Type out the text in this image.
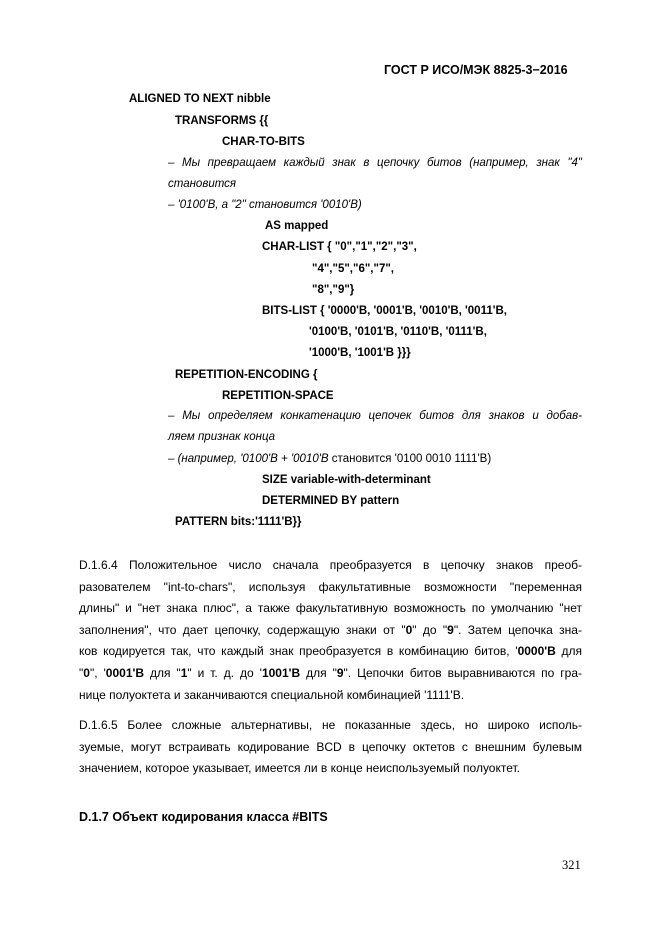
ГОСТ Р ИСО/МЭК 8825-3−2016
ALIGNED TO NEXT nibble
TRANSFORMS {{
CHAR-TO-BITS
– Мы превращаем каждый знак в цепочку битов (например, знак "4"
становится
– '0100'B, а "2" становится '0010'B)
AS mapped
CHAR-LIST { "0","1","2","3",
"4","5","6","7",
"8","9"}
BITS-LIST { '0000'B, '0001'B, '0010'B, '0011'B,
'0100'B, '0101'B, '0110'B, '0111'B,
'1000'B, '1001'B }}}
REPETITION-ENCODING {
REPETITION-SPACE
– Мы определяем конкатенацию цепочек битов для знаков и добав-
ляем признак конца
– (например, '0100'B + '0010'B становится '0100 0010 1111'B)
SIZE variable-with-determinant
DETERMINED BY pattern
PATTERN bits:'1111'B}}
D.1.6.4 Положительное число сначала преобразуется в цепочку знаков преоб-
разователем "int-to-chars", используя факультативные возможности "переменная
длины" и "нет знака плюс", а также факультативную возможность по умолчанию "нет
заполнения", что дает цепочку, содержащую знаки от "0" до "9". Затем цепочка зна-
ков кодируется так, что каждый знак преобразуется в комбинацию битов, '0000'B для
"0", '0001'B для "1" и т. д. до '1001'B для "9". Цепочки битов выравниваются по гра-
нице полуоктета и заканчиваются специальной комбинацией '1111'B.
D.1.6.5 Более сложные альтернативы, не показанные здесь, но широко исполь-
зуемые, могут встраивать кодирование BCD в цепочку октетов с внешним булевым
значением, которое указывает, имеется ли в конце неиспользуемый полуоктет.
D.1.7 Объект кодирования класса #BITS
321
